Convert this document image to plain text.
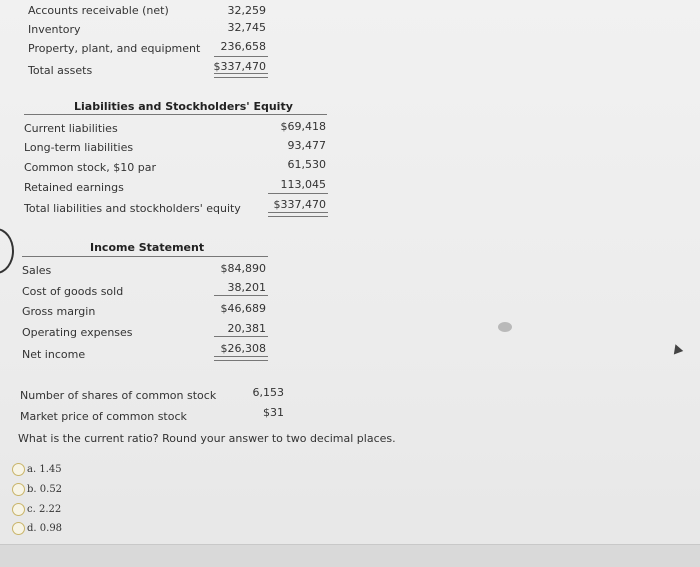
Accounts receivable (net)	32,259
Inventory	32,745
Property, plant, and equipment	236,658
Total assets	$337,470
Liabilities and Stockholders' Equity
Current liabilities	$69,418
Long-term liabilities	93,477
Common stock, $10 par	61,530
Retained earnings	113,045
Total liabilities and stockholders' equity	$337,470
Income Statement
Sales	$84,890
Cost of goods sold	38,201
Gross margin	$46,689
Operating expenses	20,381
Net income	$26,308
Number of shares of common stock	6,153
Market price of common stock	$31
What is the current ratio? Round your answer to two decimal places.
a.
1.45
b.
0.52
c.
2.22
d.
0.98
